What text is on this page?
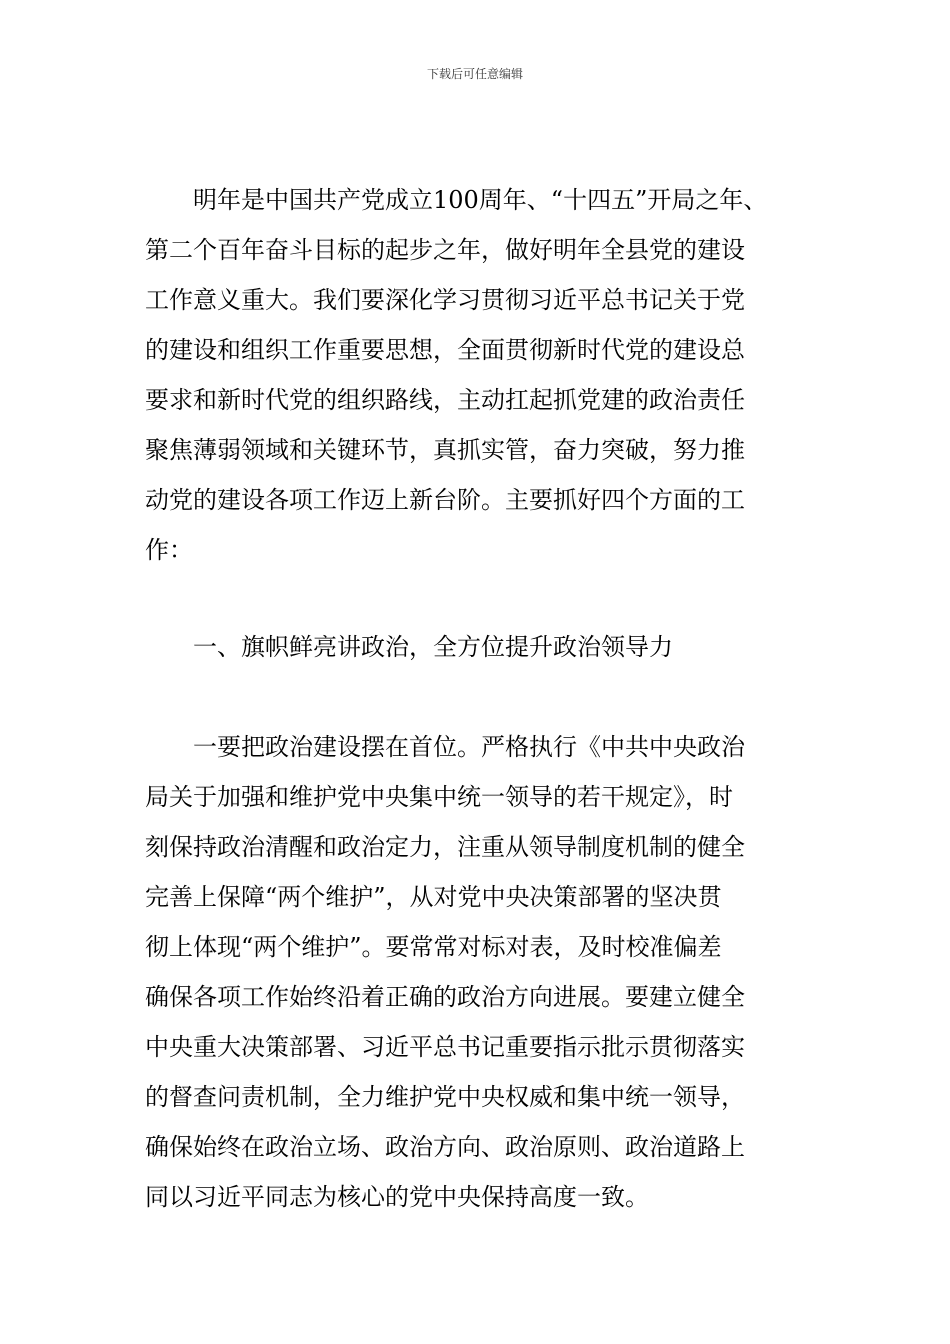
下载后可任意编辑
　　明年是中国共产党成立100周年、“十四五”开局之年、
第二个百年奋斗目标的起步之年，做好明年全县党的建设
工作意义重大。我们要深化学习贯彻习近平总书记关于党
的建设和组织工作重要思想，全面贯彻新时代党的建设总
要求和新时代党的组织路线，主动扛起抓党建的政治责任
聚焦薄弱领域和关键环节，真抓实管，奋力突破，努力推
动党的建设各项工作迈上新台阶。主要抓好四个方面的工
作：
　　一、旗帜鲜亮讲政治，全方位提升政治领导力
　　一要把政治建设摆在首位。严格执行《中共中央政治
局关于加强和维护党中央集中统一领导的若干规定》，时
刻保持政治清醒和政治定力，注重从领导制度机制的健全
完善上保障“两个维护”，从对党中央决策部署的坚决贯
彻上体现“两个维护”。要常常对标对表，及时校准偏差
确保各项工作始终沿着正确的政治方向进展。要建立健全
中央重大决策部署、习近平总书记重要指示批示贯彻落实
的督查问责机制，全力维护党中央权威和集中统一领导，
确保始终在政治立场、政治方向、政治原则、政治道路上
同以习近平同志为核心的党中央保持高度一致。
